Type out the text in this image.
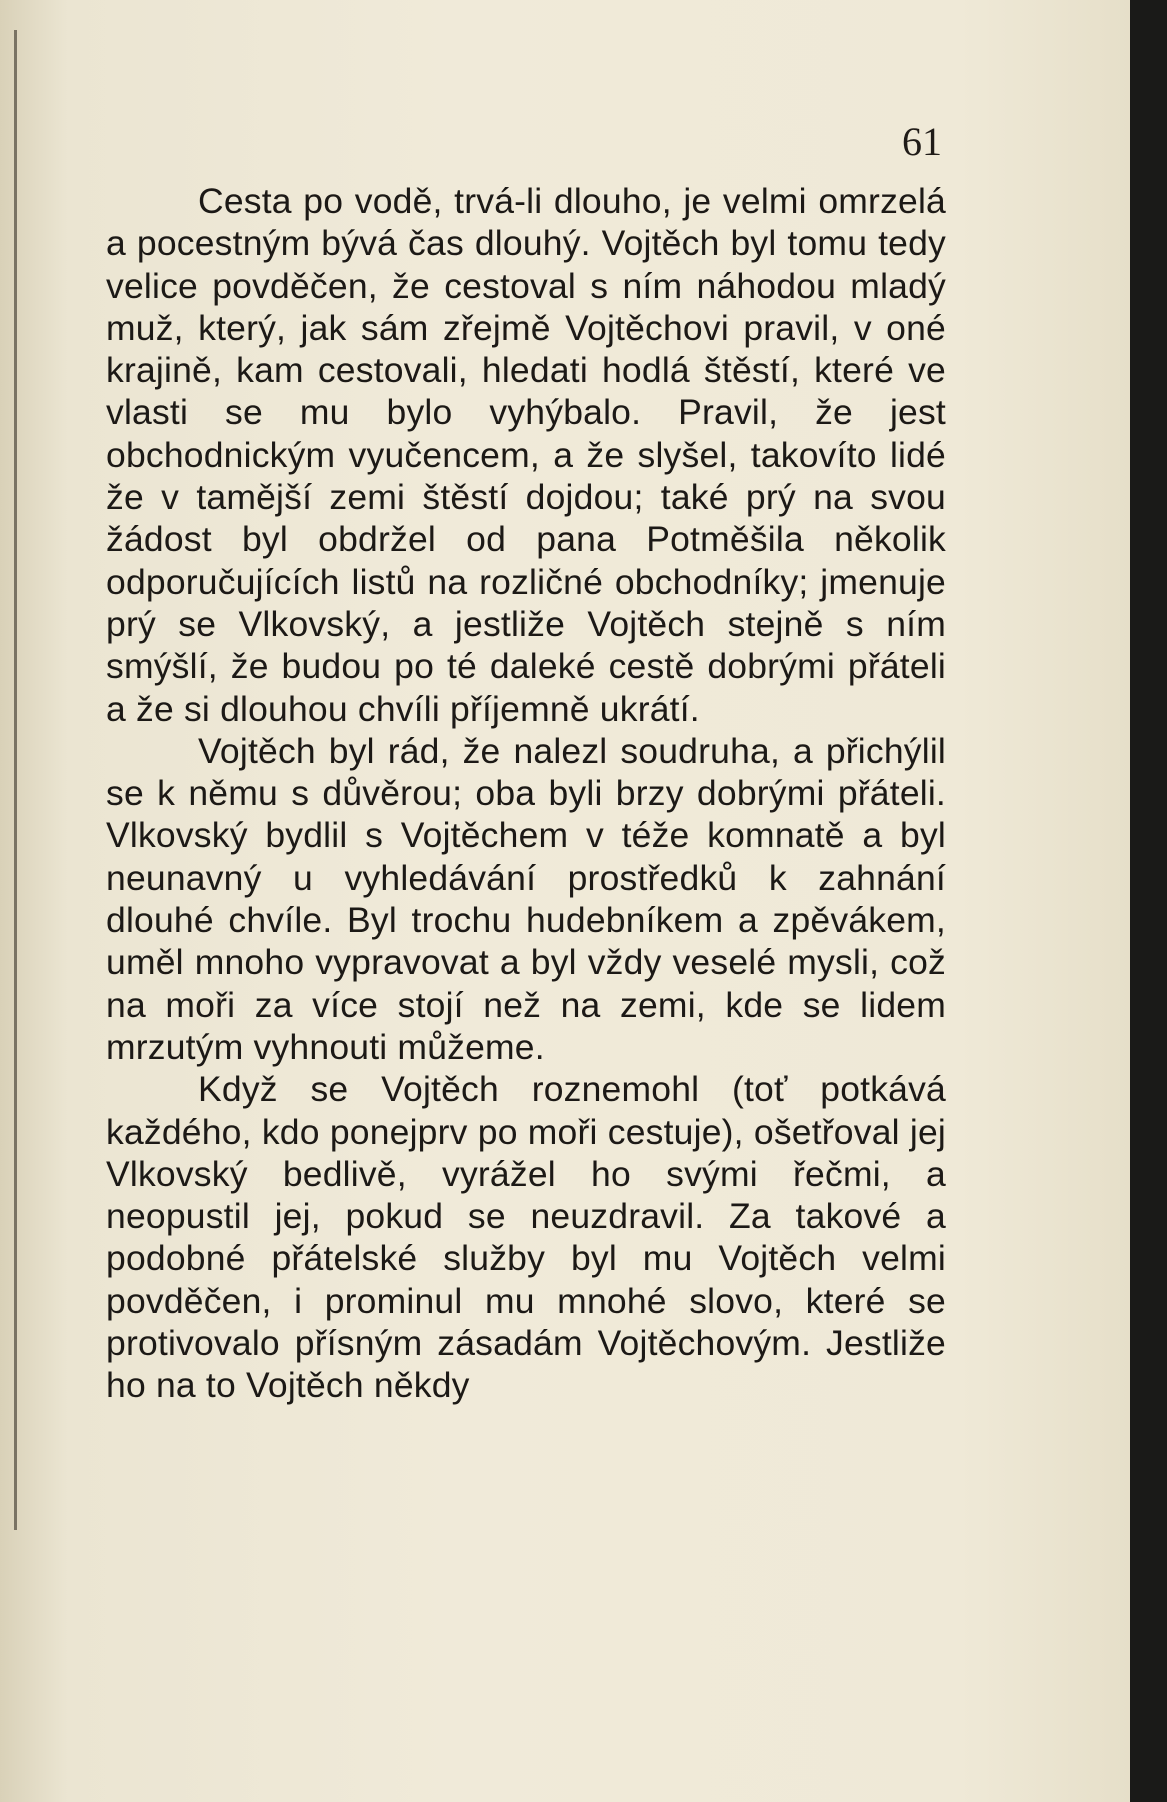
61

Cesta po vodě, trvá-li dlouho, je velmi omrzelá a pocestným bývá čas dlouhý. Vojtěch byl tomu tedy velice povděčen, že cestoval s ním náhodou mladý muž, který, jak sám zřejmě Vojtěchovi pravil, v oné krajině, kam cestovali, hledati hodlá štěstí, které ve vlasti se mu bylo vyhýbalo. Pravil, že jest obchodnickým vyučencem, a že slyšel, takovíto lidé že v tamější zemi štěstí dojdou; také prý na svou žádost byl obdržel od pana Potměšila několik odporučujících listů na rozličné obchodníky; jmenuje prý se Vlkovský, a jestliže Vojtěch stejně s ním smýšlí, že budou po té daleké cestě dobrými přáteli a že si dlouhou chvíli příjemně ukrátí.

Vojtěch byl rád, že nalezl soudruha, a přichýlil se k němu s důvěrou; oba byli brzy dobrými přáteli. Vlkovský bydlil s Vojtěchem v téže komnatě a byl neunavný u vyhledávání prostředků k zahnání dlouhé chvíle. Byl trochu hudebníkem a zpěvákem, uměl mnoho vypravovat a byl vždy veselé mysli, což na moři za více stojí než na zemi, kde se lidem mrzutým vyhnouti můžeme.

Když se Vojtěch roznemohl (toť potkává každého, kdo ponejprv po moři cestuje), ošetřoval jej Vlkovský bedlivě, vyrážel ho svými řečmi, a neopustil jej, pokud se neuzdravil. Za takové a podobné přátelské služby byl mu Vojtěch velmi povděčen, i prominul mu mnohé slovo, které se protivovalo přísným zásadám Vojtěchovým. Jestliže ho na to Vojtěch někdy
